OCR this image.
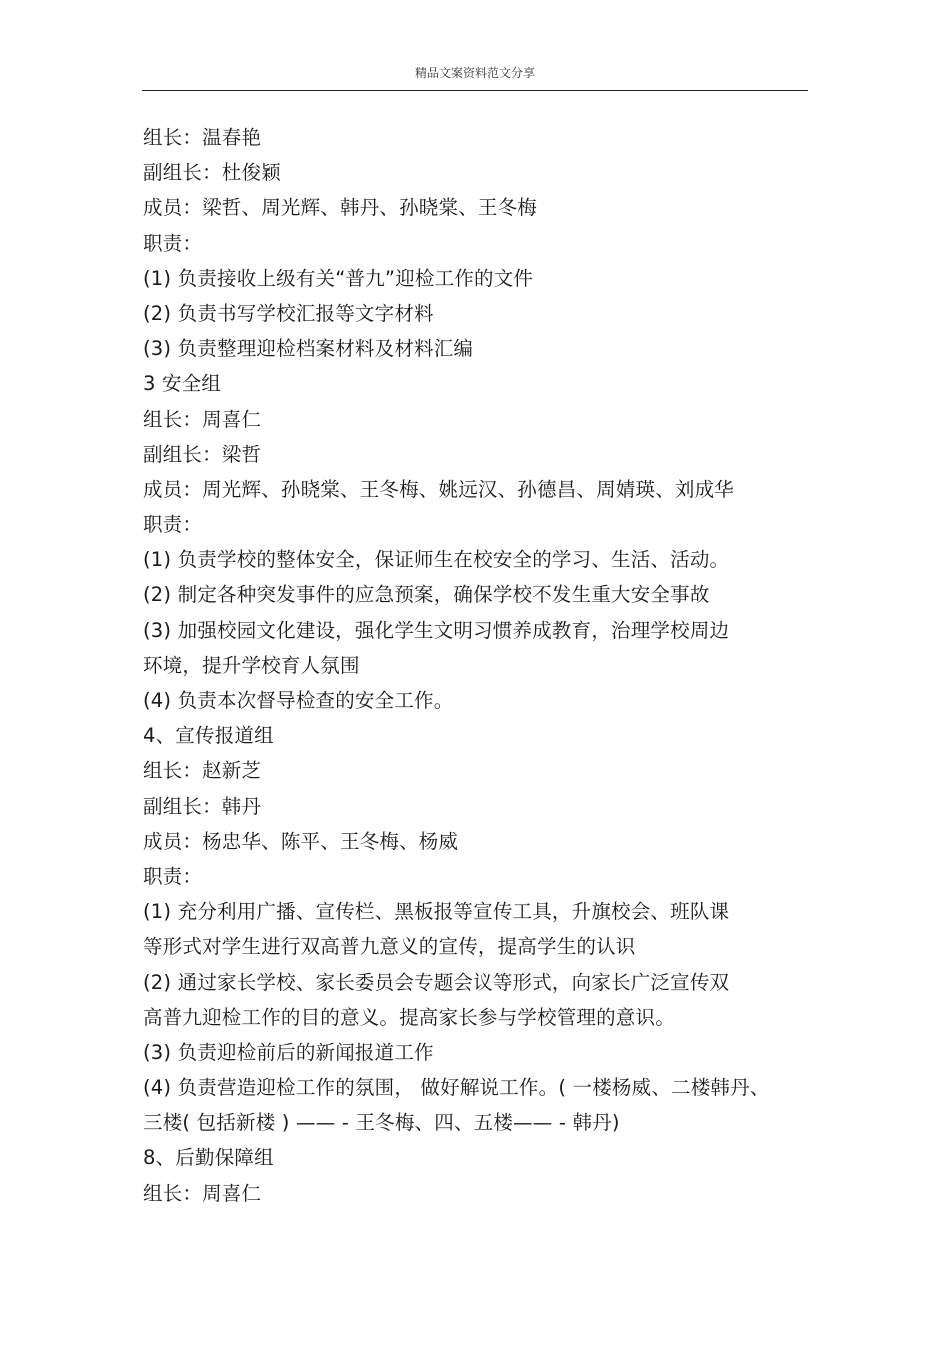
精品文案资料范文分享
组长：温春艳
副组长：杜俊颖
成员：梁哲、周光辉、韩丹、孙晓棠、王冬梅
职责：
(1) 负责接收上级有关“普九”迎检工作的文件
(2) 负责书写学校汇报等文字材料
(3) 负责整理迎检档案材料及材料汇编
3 安全组
组长：周喜仁
副组长：梁哲
成员：周光辉、孙晓棠、王冬梅、姚远汉、孙德昌、周婧瑛、刘成华
职责：
(1) 负责学校的整体安全，保证师生在校安全的学习、生活、活动。
(2) 制定各种突发事件的应急预案，确保学校不发生重大安全事故
(3) 加强校园文化建设，强化学生文明习惯养成教育，治理学校周边
环境，提升学校育人氛围
(4) 负责本次督导检查的安全工作。
4、宣传报道组
组长：赵新芝
副组长：韩丹
成员：杨忠华、陈平、王冬梅、杨威
职责：
(1) 充分利用广播、宣传栏、黑板报等宣传工具，升旗校会、班队课
等形式对学生进行双高普九意义的宣传，提高学生的认识
(2) 通过家长学校、家长委员会专题会议等形式，向家长广泛宣传双
高普九迎检工作的目的意义。提高家长参与学校管理的意识。
(3) 负责迎检前后的新闻报道工作
(4) 负责营造迎检工作的氛围， 做好解说工作。( 一楼杨威、二楼韩丹、
三楼( 包括新楼 ) —— - 王冬梅、四、五楼—— - 韩丹)
8、后勤保障组
组长：周喜仁
